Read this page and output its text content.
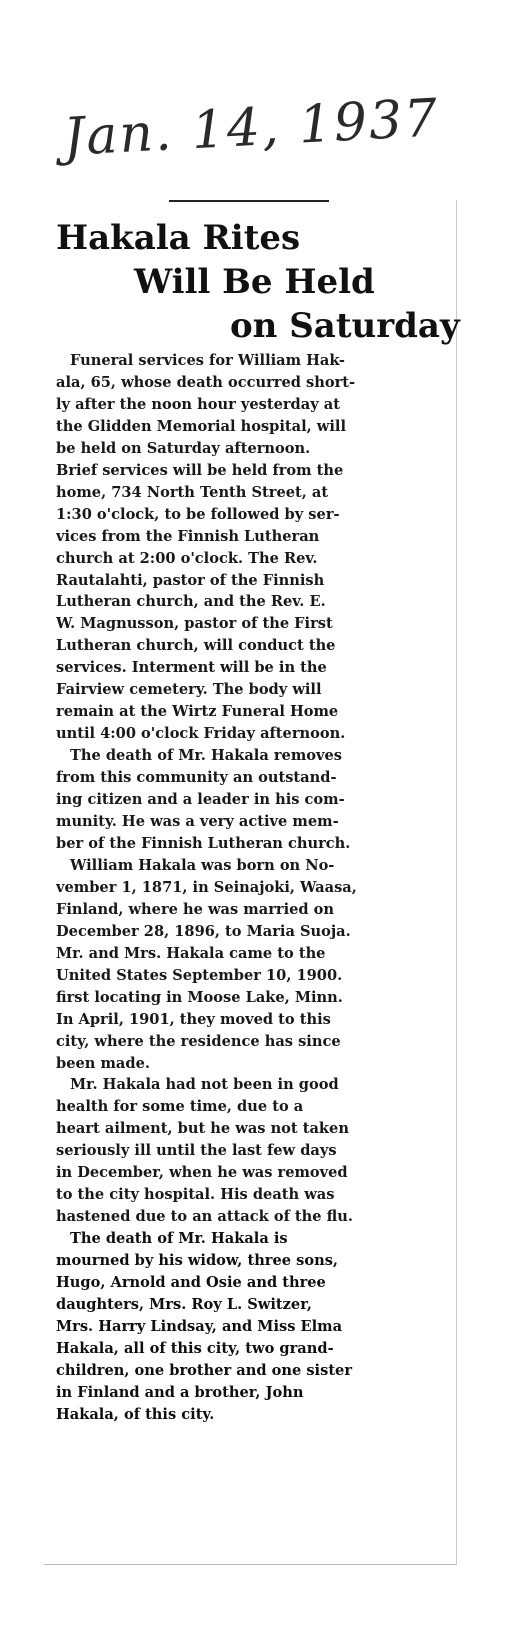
Jan. 14, 1937
Hakala Rites
Will Be Held
on Saturday
Funeral services for William Hak-
ala, 65, whose death occurred short-
ly after the noon hour yesterday at
the Glidden Memorial hospital, will
be held on Saturday afternoon.
Brief services will be held from the
home, 734 North Tenth Street, at
1:30 o'clock, to be followed by ser-
vices from the Finnish Lutheran
church at 2:00 o'clock. The Rev.
Rautalahti, pastor of the Finnish
Lutheran church, and the Rev. E.
W. Magnusson, pastor of the First
Lutheran church, will conduct the
services. Interment will be in the
Fairview cemetery. The body will
remain at the Wirtz Funeral Home
until 4:00 o'clock Friday afternoon.
The death of Mr. Hakala removes
from this community an outstand-
ing citizen and a leader in his com-
munity. He was a very active mem-
ber of the Finnish Lutheran church.
William Hakala was born on No-
vember 1, 1871, in Seinajoki, Waasa,
Finland, where he was married on
December 28, 1896, to Maria Suoja.
Mr. and Mrs. Hakala came to the
United States September 10, 1900.
first locating in Moose Lake, Minn.
In April, 1901, they moved to this
city, where the residence has since
been made.
Mr. Hakala had not been in good
health for some time, due to a
heart ailment, but he was not taken
seriously ill until the last few days
in December, when he was removed
to the city hospital. His death was
hastened due to an attack of the flu.
The death of Mr. Hakala is
mourned by his widow, three sons,
Hugo, Arnold and Osie and three
daughters, Mrs. Roy L. Switzer,
Mrs. Harry Lindsay, and Miss Elma
Hakala, all of this city, two grand-
children, one brother and one sister
in Finland and a brother, John
Hakala, of this city.
